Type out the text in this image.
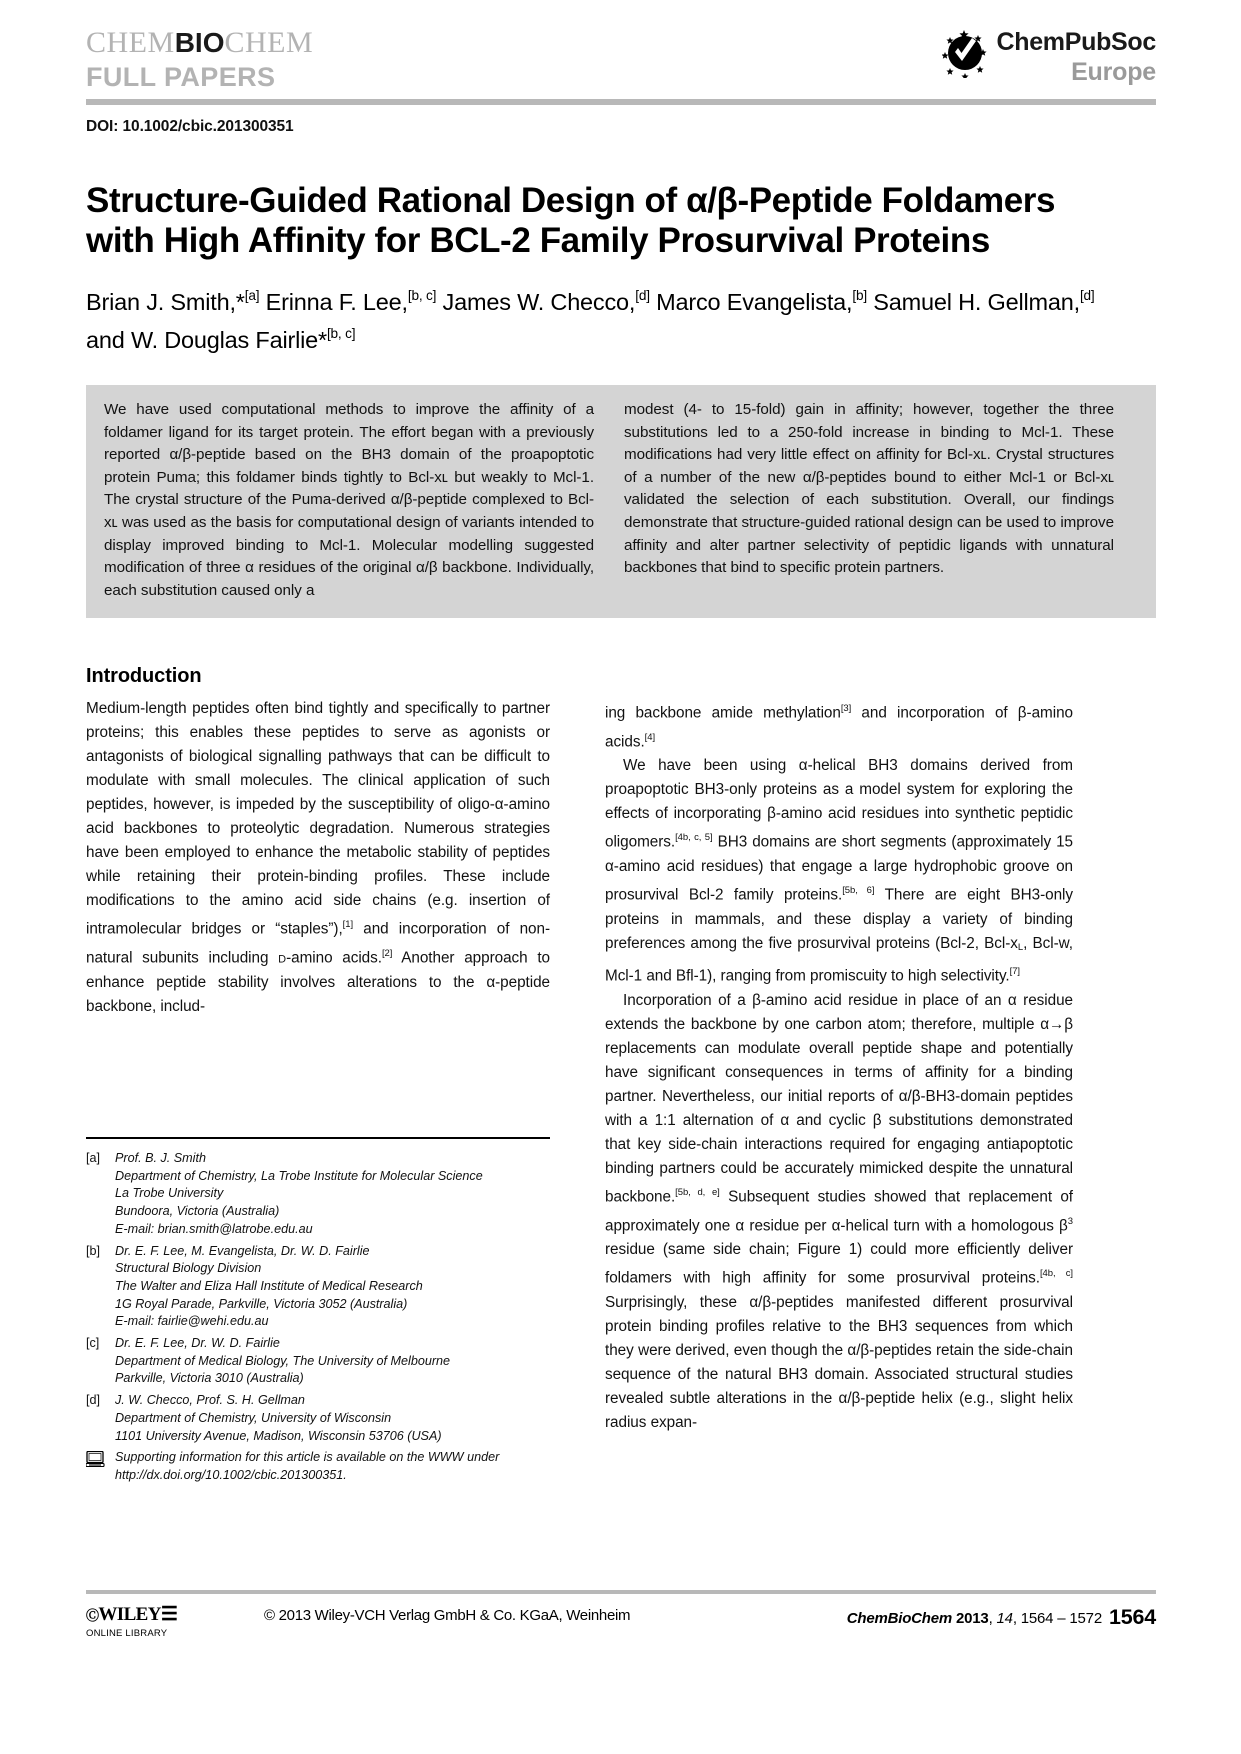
CHEMBIOCHEM
FULL PAPERS
ChemPubSoc
Europe
DOI: 10.1002/cbic.201300351
Structure-Guided Rational Design of α/β-Peptide Foldamers with High Affinity for BCL-2 Family Prosurvival Proteins
Brian J. Smith,*[a] Erinna F. Lee,[b, c] James W. Checco,[d] Marco Evangelista,[b] Samuel H. Gellman,[d] and W. Douglas Fairlie*[b, c]

We have used computational methods to improve the affinity of a foldamer ligand for its target protein. The effort began with a previously reported α/β-peptide based on the BH3 domain of the proapoptotic protein Puma; this foldamer binds tightly to Bcl-xʟ but weakly to Mcl-1. The crystal structure of the Puma-derived α/β-peptide complexed to Bcl-xʟ was used as the basis for computational design of variants intended to display improved binding to Mcl-1. Molecular modelling suggested modification of three α residues of the original α/β backbone. Individually, each substitution caused only a

modest (4- to 15-fold) gain in affinity; however, together the three substitutions led to a 250-fold increase in binding to Mcl-1. These modifications had very little effect on affinity for Bcl-xʟ. Crystal structures of a number of the new α/β-peptides bound to either Mcl-1 or Bcl-xʟ validated the selection of each substitution. Overall, our findings demonstrate that structure-guided rational design can be used to improve affinity and alter partner selectivity of peptidic ligands with unnatural backbones that bind to specific protein partners.

Introduction

Medium-length peptides often bind tightly and specifically to partner proteins; this enables these peptides to serve as agonists or antagonists of biological signalling pathways that can be difficult to modulate with small molecules. The clinical application of such peptides, however, is impeded by the susceptibility of oligo-α-amino acid backbones to proteolytic degradation. Numerous strategies have been employed to enhance the metabolic stability of peptides while retaining their protein-binding profiles. These include modifications to the amino acid side chains (e.g. insertion of intramolecular bridges or “staples”),[1] and incorporation of non-natural subunits including d-amino acids.[2] Another approach to enhance peptide stability involves alterations to the α-peptide backbone, includ-

ing backbone amide methylation[3] and incorporation of β-amino acids.[4]

We have been using α-helical BH3 domains derived from proapoptotic BH3-only proteins as a model system for exploring the effects of incorporating β-amino acid residues into synthetic peptidic oligomers.[4b, c, 5] BH3 domains are short segments (approximately 15 α-amino acid residues) that engage a large hydrophobic groove on prosurvival Bcl-2 family proteins.[5b, 6] There are eight BH3-only proteins in mammals, and these display a variety of binding preferences among the five prosurvival proteins (Bcl-2, Bcl-$x_L$, Bcl-w, Mcl-1 and Bfl-1), ranging from promiscuity to high selectivity.[7]

Incorporation of a β-amino acid residue in place of an α residue extends the backbone by one carbon atom; therefore, multiple α→β replacements can modulate overall peptide shape and potentially have significant consequences in terms of affinity for a binding partner. Nevertheless, our initial reports of α/β-BH3-domain peptides with a 1:1 alternation of α and cyclic β substitutions demonstrated that key side-chain interactions required for engaging antiapoptotic binding partners could be accurately mimicked despite the unnatural backbone.[5b, d, e] Subsequent studies showed that replacement of approximately one α residue per α-helical turn with a homologous β$^3$ residue (same side chain; Figure 1) could more efficiently deliver foldamers with high affinity for some prosurvival proteins.[4b, c] Surprisingly, these α/β-peptides manifested different prosurvival protein binding profiles relative to the BH3 sequences from which they were derived, even though the α/β-peptides retain the side-chain sequence of the natural BH3 domain. Associated structural studies revealed subtle alterations in the α/β-peptide helix (e.g., slight helix radius expan-

[a]	Prof. B. J. Smith
Department of Chemistry, La Trobe Institute for Molecular Science
La Trobe University
Bundoora, Victoria (Australia)
E-mail: brian.smith@latrobe.edu.au
[b]	Dr. E. F. Lee, M. Evangelista, Dr. W. D. Fairlie
Structural Biology Division
The Walter and Eliza Hall Institute of Medical Research
1G Royal Parade, Parkville, Victoria 3052 (Australia)
E-mail: fairlie@wehi.edu.au
[c]	Dr. E. F. Lee, Dr. W. D. Fairlie
Department of Medical Biology, The University of Melbourne
Parkville, Victoria 3010 (Australia)
[d]	J. W. Checco, Prof. S. H. Gellman
Department of Chemistry, University of Wisconsin
1101 University Avenue, Madison, Wisconsin 53706 (USA)
Supporting information for this article is available on the WWW under
http://dx.doi.org/10.1002/cbic.201300351.
ⒸWILEY☰
ONLINE LIBRARY
© 2013 Wiley-VCH Verlag GmbH & Co. KGaA, Weinheim	ChemBioChem 2013, 14, 1564 – 1572 1564
